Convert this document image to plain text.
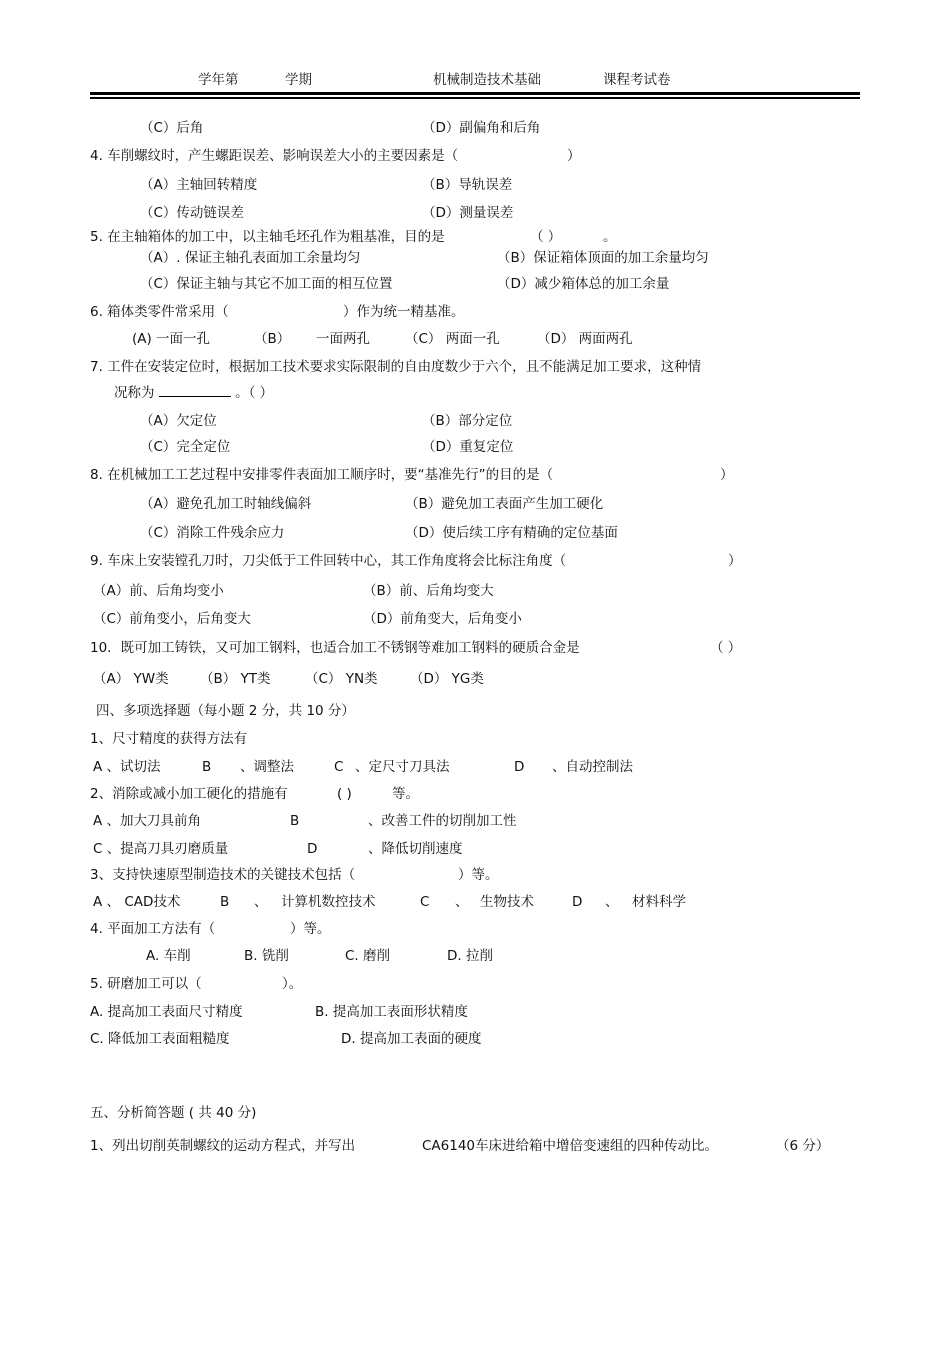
学年第	学期	机械制造技术基础	课程考试卷
（C）后角	（D）副偏角和后角
4. 车削螺纹时，产生螺距误差、影响误差大小的主要因素是（	）
（A）主轴回转精度	（B）导轨误差
（C）传动链误差	（D）测量误差
5. 在主轴箱体的加工中，以主轴毛坯孔作为粗基准，目的是	（ ）	。
（A）. 保证主轴孔表面加工余量均匀	（B）保证箱体顶面的加工余量均匀
（C）保证主轴与其它不加工面的相互位置	（D）减少箱体总的加工余量
6. 箱体类零件常采用（	）作为统一精基准。
(A) 一面一孔	（B） 一面两孔	（C） 两面一孔	（D） 两面两孔
7. 工件在安装定位时，根据加工技术要求实际限制的自由度数少于六个，且不能满足加工要求，这种情
况称为	。（ ）
（A）欠定位	（B）部分定位
（C）完全定位	（D）重复定位
8. 在机械加工工艺过程中安排零件表面加工顺序时，要“基准先行”的目的是（	）
（A）避免孔加工时轴线偏斜	（B）避免加工表面产生加工硬化
（C）消除工件残余应力	（D）使后续工序有精确的定位基面
9. 车床上安装镗孔刀时，刀尖低于工件回转中心，其工作角度将会比标注角度（	）
（A）前、后角均变小	（B）前、后角均变大
（C）前角变小，后角变大	（D）前角变大，后角变小
10．既可加工铸铁，又可加工钢料，也适合加工不锈钢等难加工钢料的硬质合金是	（ ）
（A） YW类 （B） YT类	（C） YN类 （D） YG类
四、多项选择题（每小题 2 分，共 10 分）
1、尺寸精度的获得方法有
A 、试切法	B 、调整法	C 、定尺寸刀具法	D 、自动控制法
2、消除或减小加工硬化的措施有	( )	等。
A 、加大刀具前角	B	、改善工件的切削加工性
C 、提高刀具刃磨质量	D	、降低切削速度
3、支持快速原型制造技术的关键技术包括（	）等。
A 、 CAD技术	B 、 计算机数控技术	C 、 生物技术	D 、 材料科学
4. 平面加工方法有（	）等。
A. 车削	B. 铣削	C. 磨削	D. 拉削
5. 研磨加工可以（	）。
A. 提高加工表面尺寸精度	B. 提高加工表面形状精度
C. 降低加工表面粗糙度	D. 提高加工表面的硬度
五、分析简答题 ( 共 40 分)
1、列出切削英制螺纹的运动方程式，并写出	CA6140车床进给箱中增倍变速组的四种传动比。	（6 分）
